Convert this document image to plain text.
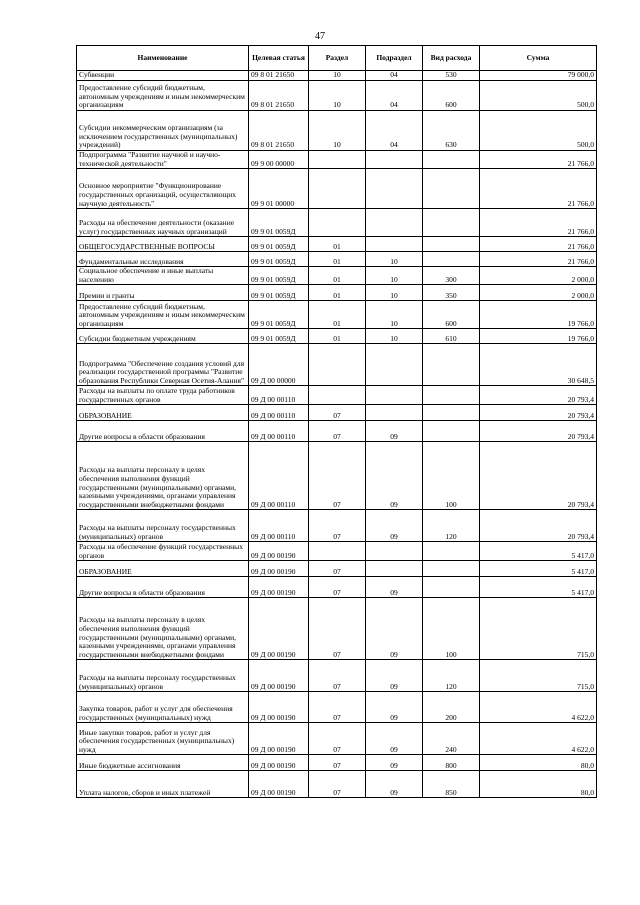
47
Наименование	Целевая статья	Раздел	Подраздел	Вид расхода	Сумма
Субвенции	09 8 01 21650	10	04	530	79 000,0
Предоставление субсидий бюджетным, автономным учреждениям и иным некоммерческим организациям	09 8 01 21650	10	04	600	500,0
Субсидии некоммерческим организациям (за исключением государственных (муниципальных) учреждений)	09 8 01 21650	10	04	630	500,0
Подпрограмма "Развитие научной и научно-технической деятельности"	09 9 00 00000				21 766,0
Основное мероприятие "Функционирование государственных организаций, осуществляющих научную деятельность"	09 9 01 00000				21 766,0
Расходы на обеспечение деятельности (оказание услуг) государственных научных организаций	09 9 01 0059Д				21 766,0
ОБЩЕГОСУДАРСТВЕННЫЕ ВОПРОСЫ	09 9 01 0059Д	01			21 766,0
Фундаментальные исследования	09 9 01 0059Д	01	10		21 766,0
Социальное обеспечение и иные выплаты населению	09 9 01 0059Д	01	10	300	2 000,0
Премии и гранты	09 9 01 0059Д	01	10	350	2 000,0
Предоставление субсидий бюджетным, автономным учреждениям и иным некоммерческим организациям	09 9 01 0059Д	01	10	600	19 766,0
Субсидии бюджетным учреждениям	09 9 01 0059Д	01	10	610	19 766,0
Подпрограмма "Обеспечение создания условий для реализации государственной программы "Развитие образования Республики Северная Осетия-Алания"	09 Д 00 00000				30 648,5
Расходы на выплаты по оплате труда работников государственных органов	09 Д 00 00110				20 793,4
ОБРАЗОВАНИЕ	09 Д 00 00110	07			20 793,4
Другие вопросы в области образования	09 Д 00 00110	07	09		20 793,4
Расходы на выплаты персоналу в целях обеспечения выполнения функций государственными (муниципальными) органами, казенными учреждениями, органами управления государственными внебюджетными фондами	09 Д 00 00110	07	09	100	20 793,4
Расходы на выплаты персоналу государственных (муниципальных) органов	09 Д 00 00110	07	09	120	20 793,4
Расходы на обеспечение функций государственных органов	09 Д 00 00190				5 417,0
ОБРАЗОВАНИЕ	09 Д 00 00190	07			5 417,0
Другие вопросы в области образования	09 Д 00 00190	07	09		5 417,0
Расходы на выплаты персоналу в целях обеспечения выполнения функций государственными (муниципальными) органами, казенными учреждениями, органами управления государственными внебюджетными фондами	09 Д 00 00190	07	09	100	715,0
Расходы на выплаты персоналу государственных (муниципальных) органов	09 Д 00 00190	07	09	120	715,0
Закупка товаров, работ и услуг для обеспечения государственных (муниципальных) нужд	09 Д 00 00190	07	09	200	4 622,0
Иные закупки товаров, работ и услуг для обеспечения государственных (муниципальных) нужд	09 Д 00 00190	07	09	240	4 622,0
Иные бюджетные ассигнования	09 Д 00 00190	07	09	800	80,0
Уплата налогов, сборов и иных платежей	09 Д 00 00190	07	09	850	80,0
